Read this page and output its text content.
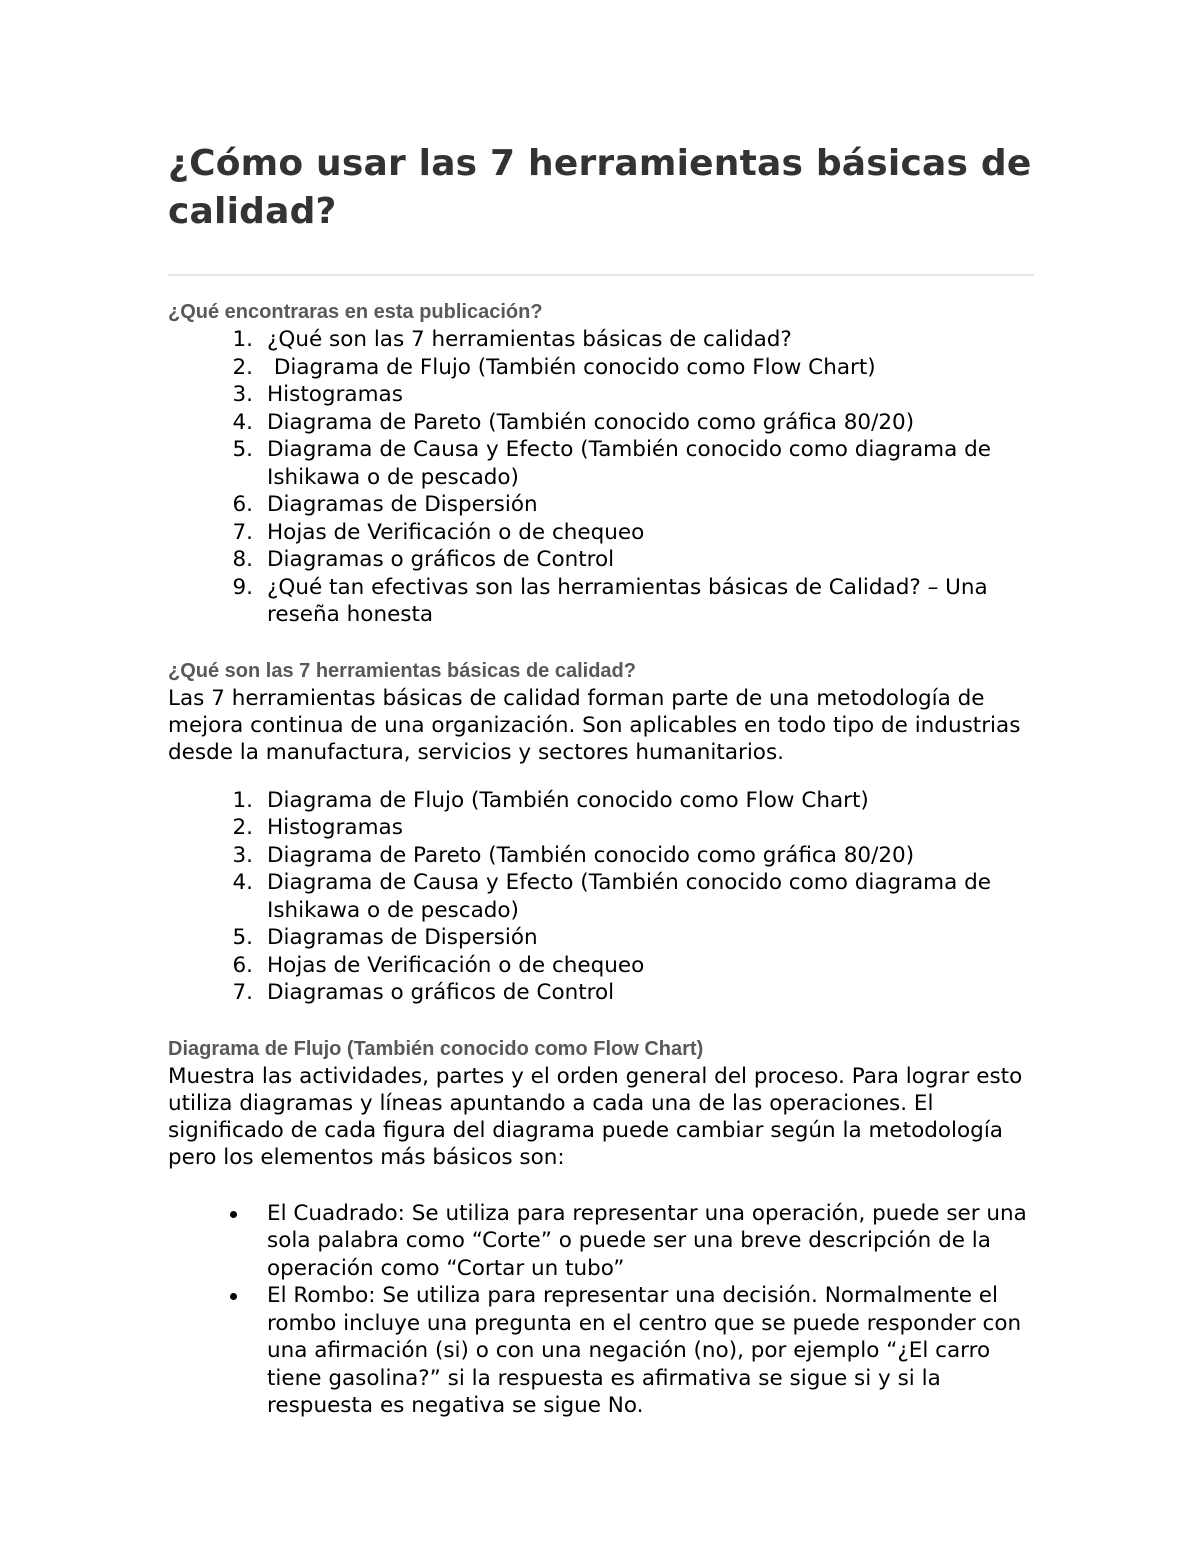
¿Cómo usar las 7 herramientas básicas de calidad?
¿Qué encontraras en esta publicación?
1. ¿Qué son las 7 herramientas básicas de calidad?
2. Diagrama de Flujo (También conocido como Flow Chart)
3. Histogramas
4. Diagrama de Pareto (También conocido como gráfica 80/20)
5. Diagrama de Causa y Efecto (También conocido como diagrama de Ishikawa o de pescado)
6. Diagramas de Dispersión
7. Hojas de Verificación o de chequeo
8. Diagramas o gráficos de Control
9. ¿Qué tan efectivas son las herramientas básicas de Calidad? – Una reseña honesta
¿Qué son las 7 herramientas básicas de calidad?

Las 7 herramientas básicas de calidad forman parte de una metodología de mejora continua de una organización. Son aplicables en todo tipo de industrias desde la manufactura, servicios y sectores humanitarios.

1. Diagrama de Flujo (También conocido como Flow Chart)
2. Histogramas
3. Diagrama de Pareto (También conocido como gráfica 80/20)
4. Diagrama de Causa y Efecto (También conocido como diagrama de Ishikawa o de pescado)
5. Diagramas de Dispersión
6. Hojas de Verificación o de chequeo
7. Diagramas o gráficos de Control
Diagrama de Flujo (También conocido como Flow Chart)

Muestra las actividades, partes y el orden general del proceso. Para lograr esto utiliza diagramas y líneas apuntando a cada una de las operaciones. El significado de cada figura del diagrama puede cambiar según la metodología pero los elementos más básicos son:

El Cuadrado: Se utiliza para representar una operación, puede ser una sola palabra como “Corte” o puede ser una breve descripción de la operación como “Cortar un tubo”
El Rombo: Se utiliza para representar una decisión. Normalmente el rombo incluye una pregunta en el centro que se puede responder con una afirmación (si) o con una negación (no), por ejemplo “¿El carro tiene gasolina?” si la respuesta es afirmativa se sigue si y si la respuesta es negativa se sigue No.
